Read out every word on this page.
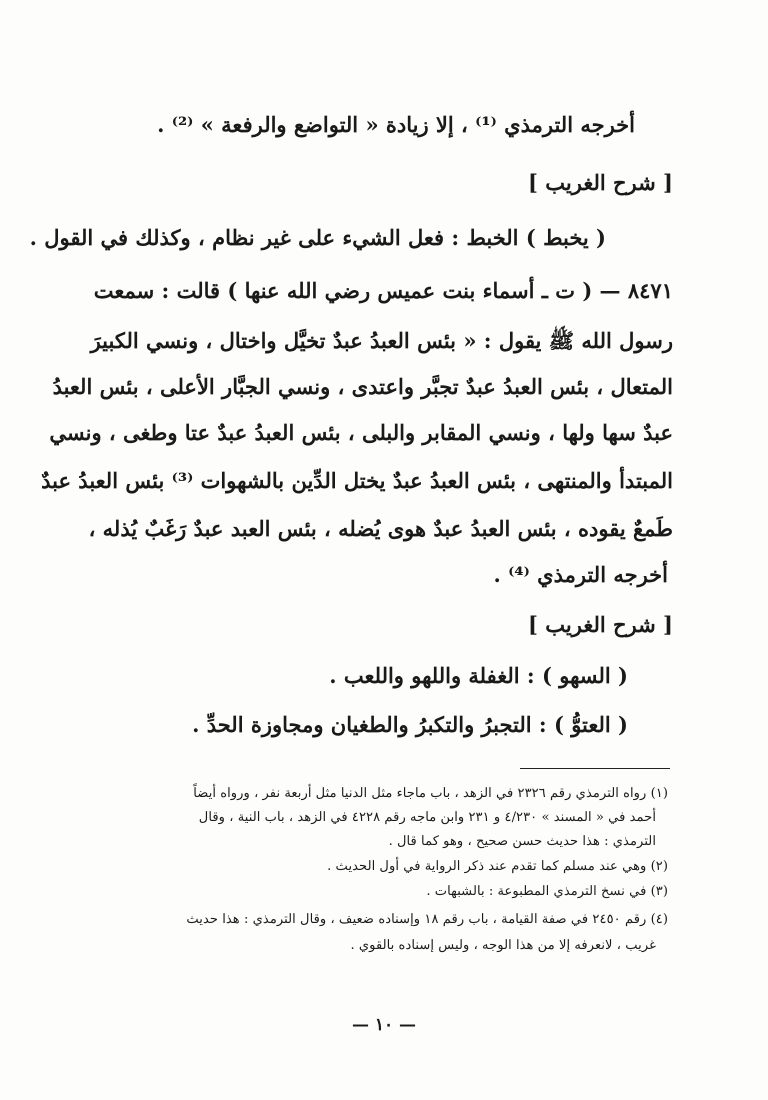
أخرجه الترمذي ⁽¹⁾ ، إلا زيادة « التواضع والرفعة » ⁽²⁾ .
[ شرح الغريب ]
( يخبط ) الخبط : فعل الشيء على غير نظام ، وكذلك في القول .
٨٤٧١ — ( ت ـ أسماء بنت عميس رضي الله عنها ) قالت : سمعت
رسول الله ﷺ يقول : « بئس العبدُ عبدٌ تخيَّل واختال ، ونسي الكبيرَ
المتعال ، بئس العبدُ عبدٌ تجبَّر واعتدى ، ونسي الجبَّار الأعلى ، بئس العبدُ
عبدٌ سها ولها ، ونسي المقابر والبلى ، بئس العبدُ عبدٌ عتا وطغى ، ونسي
المبتدأ والمنتهى ، بئس العبدُ عبدٌ يختل الدِّين بالشهوات ⁽³⁾ بئس العبدُ عبدٌ
طَمعٌ يقوده ، بئس العبدُ عبدٌ هوى يُضله ، بئس العبد عبدٌ رَغَبٌ يُذله ،
أخرجه الترمذي ⁽⁴⁾ .
[ شرح الغريب ]
( السهو ) : الغفلة واللهو واللعب .
( العتوُّ ) : التجبرُ والتكبرُ والطغيان ومجاوزة الحدِّ .
(١) رواه الترمذي رقم ٢٣٢٦ في الزهد ، باب ماجاء مثل الدنيا مثل أربعة نفر ، ورواه أيضاً
أحمد في « المسند » ٤/٢٣٠ و ٢٣١ وابن ماجه رقم ٤٢٢٨ في الزهد ، باب النية ، وقال
الترمذي : هذا حديث حسن صحيح ، وهو كما قال .
(٢) وهي عند مسلم كما تقدم عند ذكر الرواية في أول الحديث .
(٣) في نسخ الترمذي المطبوعة : بالشبهات .
(٤) رقم ٢٤٥٠ في صفة القيامة ، باب رقم ١٨ وإسناده ضعيف ، وقال الترمذي : هذا حديث
غريب ، لانعرفه إلا من هذا الوجه ، وليس إسناده بالقوي .
— ١٠ —
